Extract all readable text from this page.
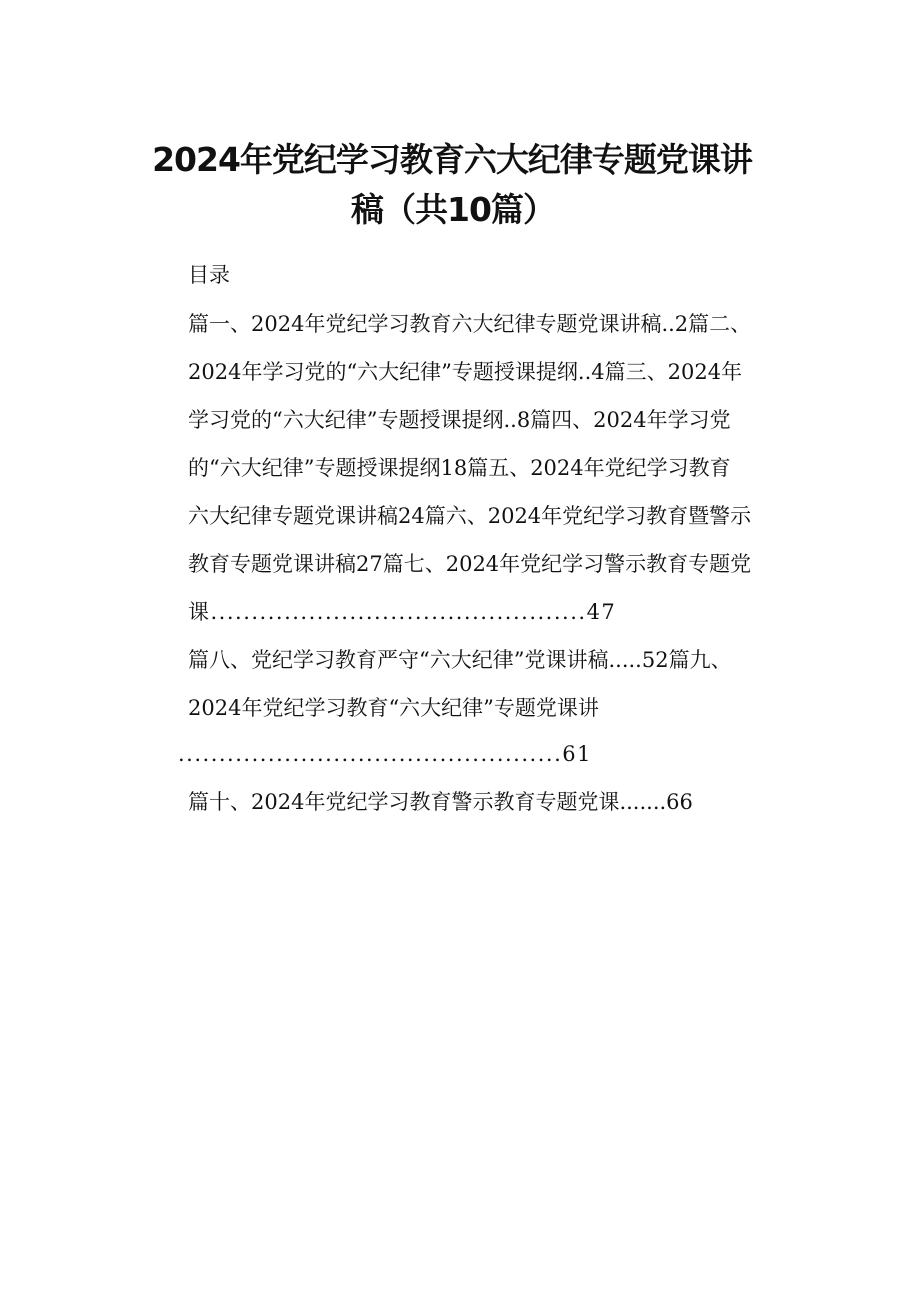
2024年党纪学习教育六大纪律专题党课讲
稿（共10篇）
目录
篇一、2024年党纪学习教育六大纪律专题党课讲稿..2篇二、
2024年学习党的“六大纪律”专题授课提纲..4篇三、2024年
学习党的“六大纪律”专题授课提纲..8篇四、2024年学习党
的“六大纪律”专题授课提纲18篇五、2024年党纪学习教育
六大纪律专题党课讲稿24篇六、2024年党纪学习教育暨警示
教育专题党课讲稿27篇七、2024年党纪学习警示教育专题党
课..............................................47
篇八、党纪学习教育严守“六大纪律”党课讲稿.....52篇九、
2024年党纪学习教育“六大纪律”专题党课讲
...............................................61
篇十、2024年党纪学习教育警示教育专题党课.......66
